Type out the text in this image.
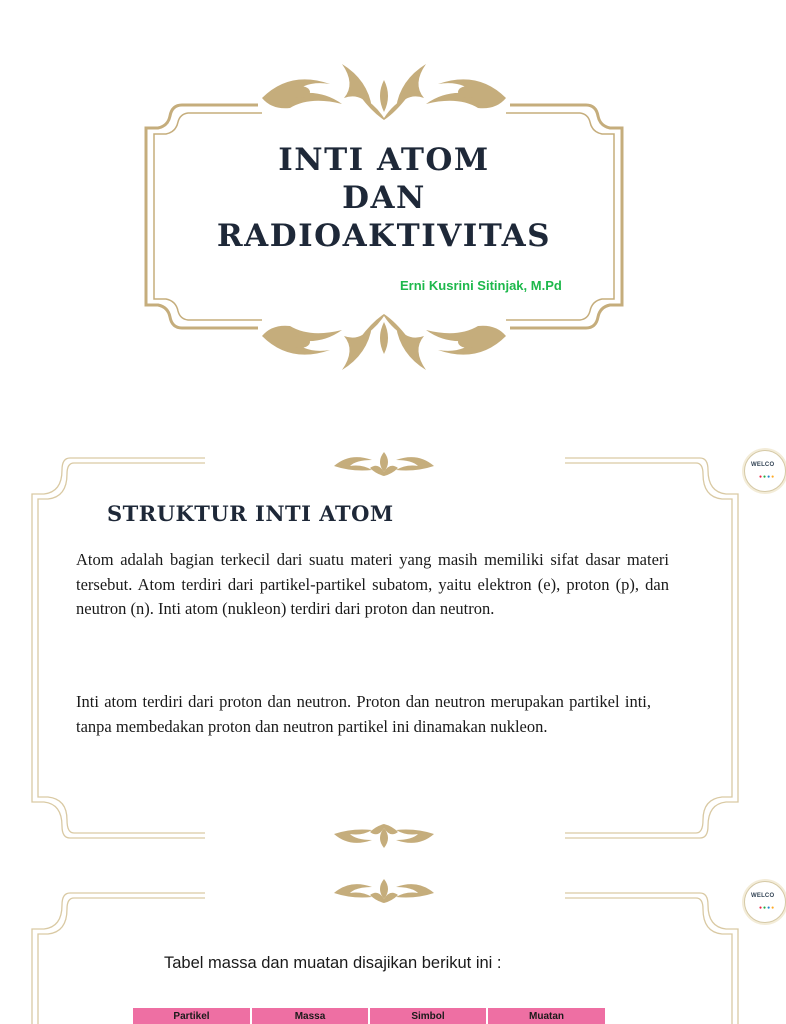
INTI ATOM
DAN
RADIOAKTIVITAS
Erni Kusrini Sitinjak, M.Pd
WELCO
●●●●
STRUKTUR INTI ATOM

Atom adalah bagian terkecil dari suatu materi yang masih memiliki sifat dasar materi tersebut. Atom terdiri dari partikel-partikel subatom, yaitu elektron (e), proton (p), dan neutron (n). Inti atom (nukleon) terdiri dari proton dan neutron.

Inti atom terdiri dari proton dan neutron. Proton dan neutron merupakan partikel inti, tanpa membedakan proton dan neutron partikel ini dinamakan nukleon.

WELCO
●●●●
Tabel massa dan muatan disajikan berikut ini :
Partikel	Massa	Simbol	Muatan
